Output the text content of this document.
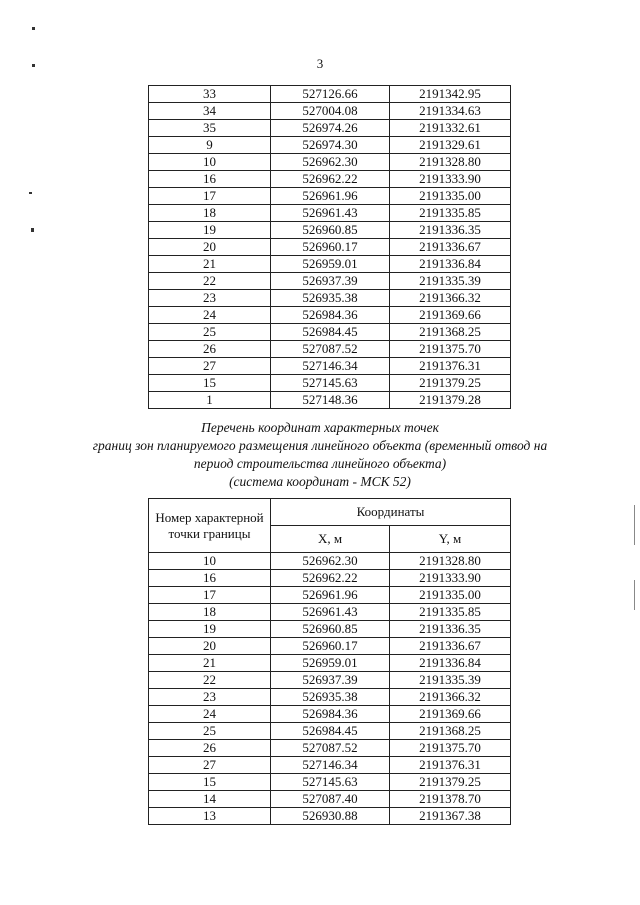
3
33	527126.66	2191342.95
34	527004.08	2191334.63
35	526974.26	2191332.61
9	526974.30	2191329.61
10	526962.30	2191328.80
16	526962.22	2191333.90
17	526961.96	2191335.00
18	526961.43	2191335.85
19	526960.85	2191336.35
20	526960.17	2191336.67
21	526959.01	2191336.84
22	526937.39	2191335.39
23	526935.38	2191366.32
24	526984.36	2191369.66
25	526984.45	2191368.25
26	527087.52	2191375.70
27	527146.34	2191376.31
15	527145.63	2191379.25
1	527148.36	2191379.28
Перечень координат характерных точек
границ зон планируемого размещения линейного объекта (временный отвод на
период строительства линейного объекта)
(система координат - МСК 52)
Номер характерной точки границы	Координаты	
	X, м	Y, м
10	526962.30	2191328.80
16	526962.22	2191333.90
17	526961.96	2191335.00
18	526961.43	2191335.85
19	526960.85	2191336.35
20	526960.17	2191336.67
21	526959.01	2191336.84
22	526937.39	2191335.39
23	526935.38	2191366.32
24	526984.36	2191369.66
25	526984.45	2191368.25
26	527087.52	2191375.70
27	527146.34	2191376.31
15	527145.63	2191379.25
14	527087.40	2191378.70
13	526930.88	2191367.38
